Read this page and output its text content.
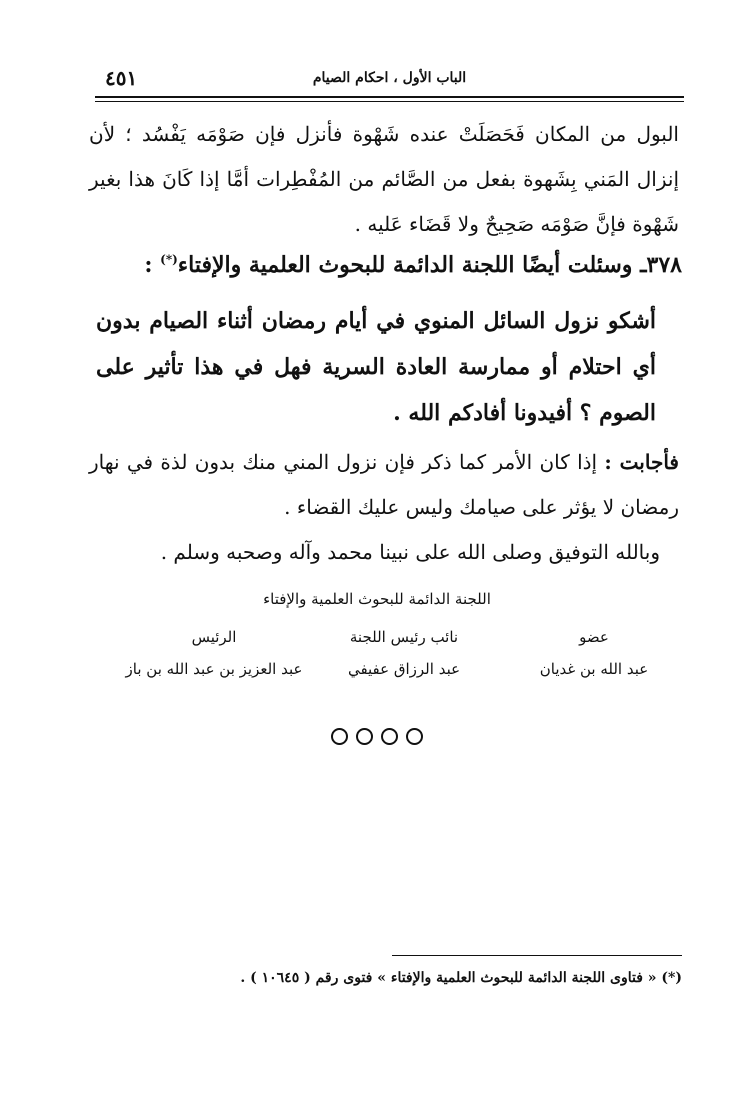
٤٥١	الباب الأول ، احكام الصيام
البول من المكان فَحَصَلَتْ عنده شَهْوة فأنزل فإن صَوْمَه يَفْسُد ؛ لأن إنزال المَني بِشَهوة بفعل من الصَّائم من المُفْطِرات أمَّا إذا كَانَ هذا بغير شَهْوة فإنَّ صَوْمَه صَحِيحٌ ولا قَضَاء عَليه .
٣٧٨ـ وسئلت أيضًا اللجنة الدائمة للبحوث العلمية والإفتاء(*) :
أشكو نزول السائل المنوي في أيام رمضان أثناء الصيام بدون أي احتلام أو ممارسة العادة السرية فهل في هذا تأثير على الصوم ؟ أفيدونا أفادكم الله .
فأجابت : إذا كان الأمر كما ذكر فإن نزول المني منك بدون لذة في نهار رمضان لا يؤثر على صيامك وليس عليك القضاء .
وبالله التوفيق وصلى الله على نبينا محمد وآله وصحبه وسلم .
اللجنة الدائمة للبحوث العلمية والإفتاء
عضو
عبد الله بن غديان
نائب رئيس اللجنة
عبد الرزاق عفيفي
الرئيس
عبد العزيز بن عبد الله بن باز
(*) « فتاوى اللجنة الدائمة للبحوث العلمية والإفتاء » فتوى رقم ( ١٠٦٤٥ ) .
